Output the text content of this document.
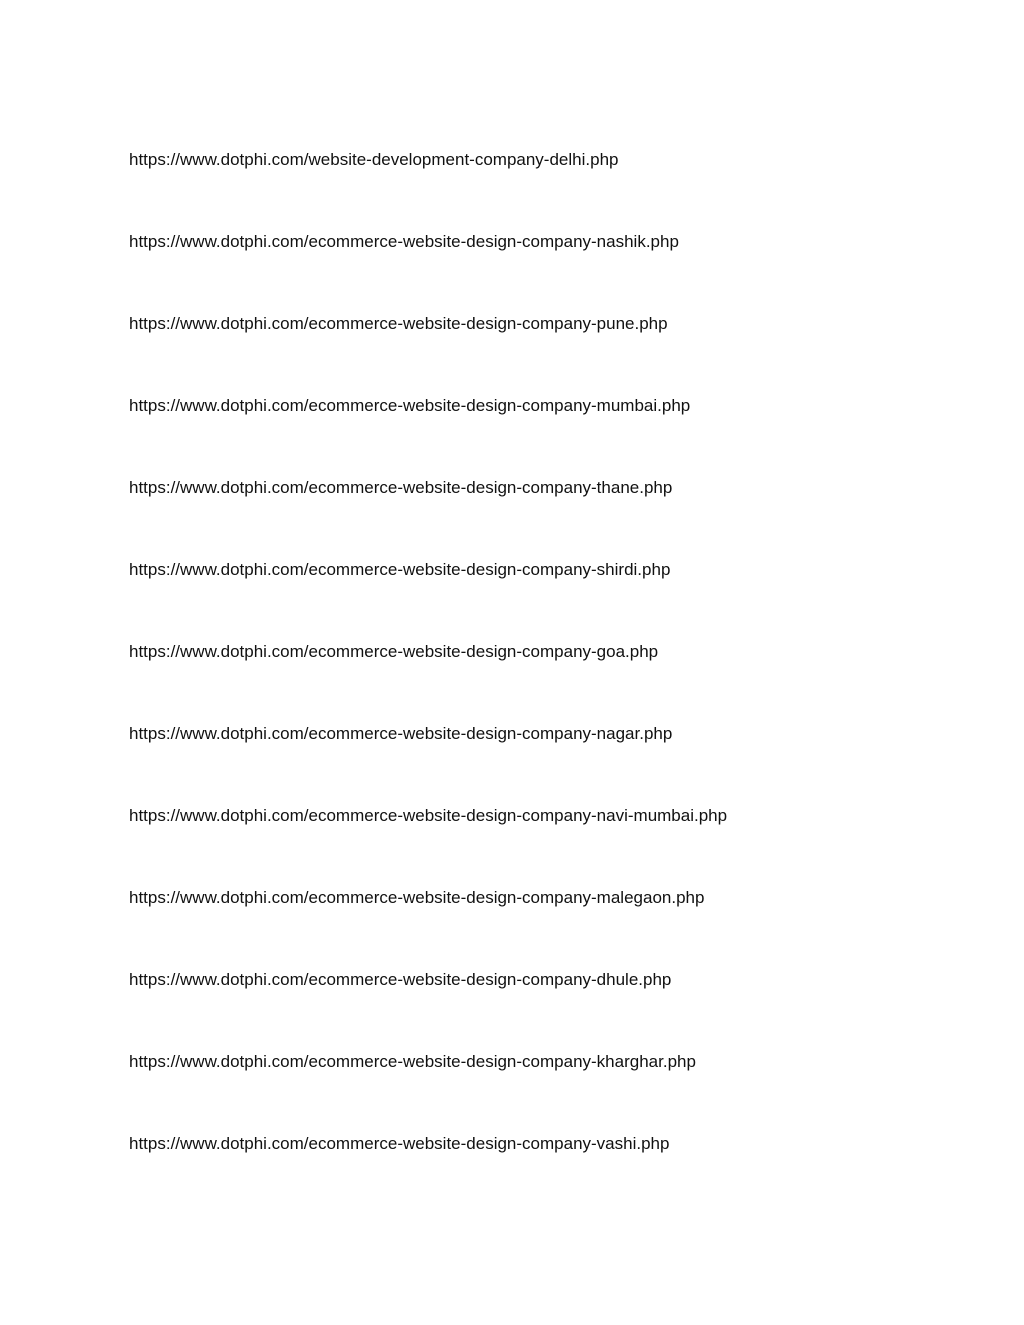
https://www.dotphi.com/website-development-company-delhi.php
https://www.dotphi.com/ecommerce-website-design-company-nashik.php
https://www.dotphi.com/ecommerce-website-design-company-pune.php
https://www.dotphi.com/ecommerce-website-design-company-mumbai.php
https://www.dotphi.com/ecommerce-website-design-company-thane.php
https://www.dotphi.com/ecommerce-website-design-company-shirdi.php
https://www.dotphi.com/ecommerce-website-design-company-goa.php
https://www.dotphi.com/ecommerce-website-design-company-nagar.php
https://www.dotphi.com/ecommerce-website-design-company-navi-mumbai.php
https://www.dotphi.com/ecommerce-website-design-company-malegaon.php
https://www.dotphi.com/ecommerce-website-design-company-dhule.php
https://www.dotphi.com/ecommerce-website-design-company-kharghar.php
https://www.dotphi.com/ecommerce-website-design-company-vashi.php
